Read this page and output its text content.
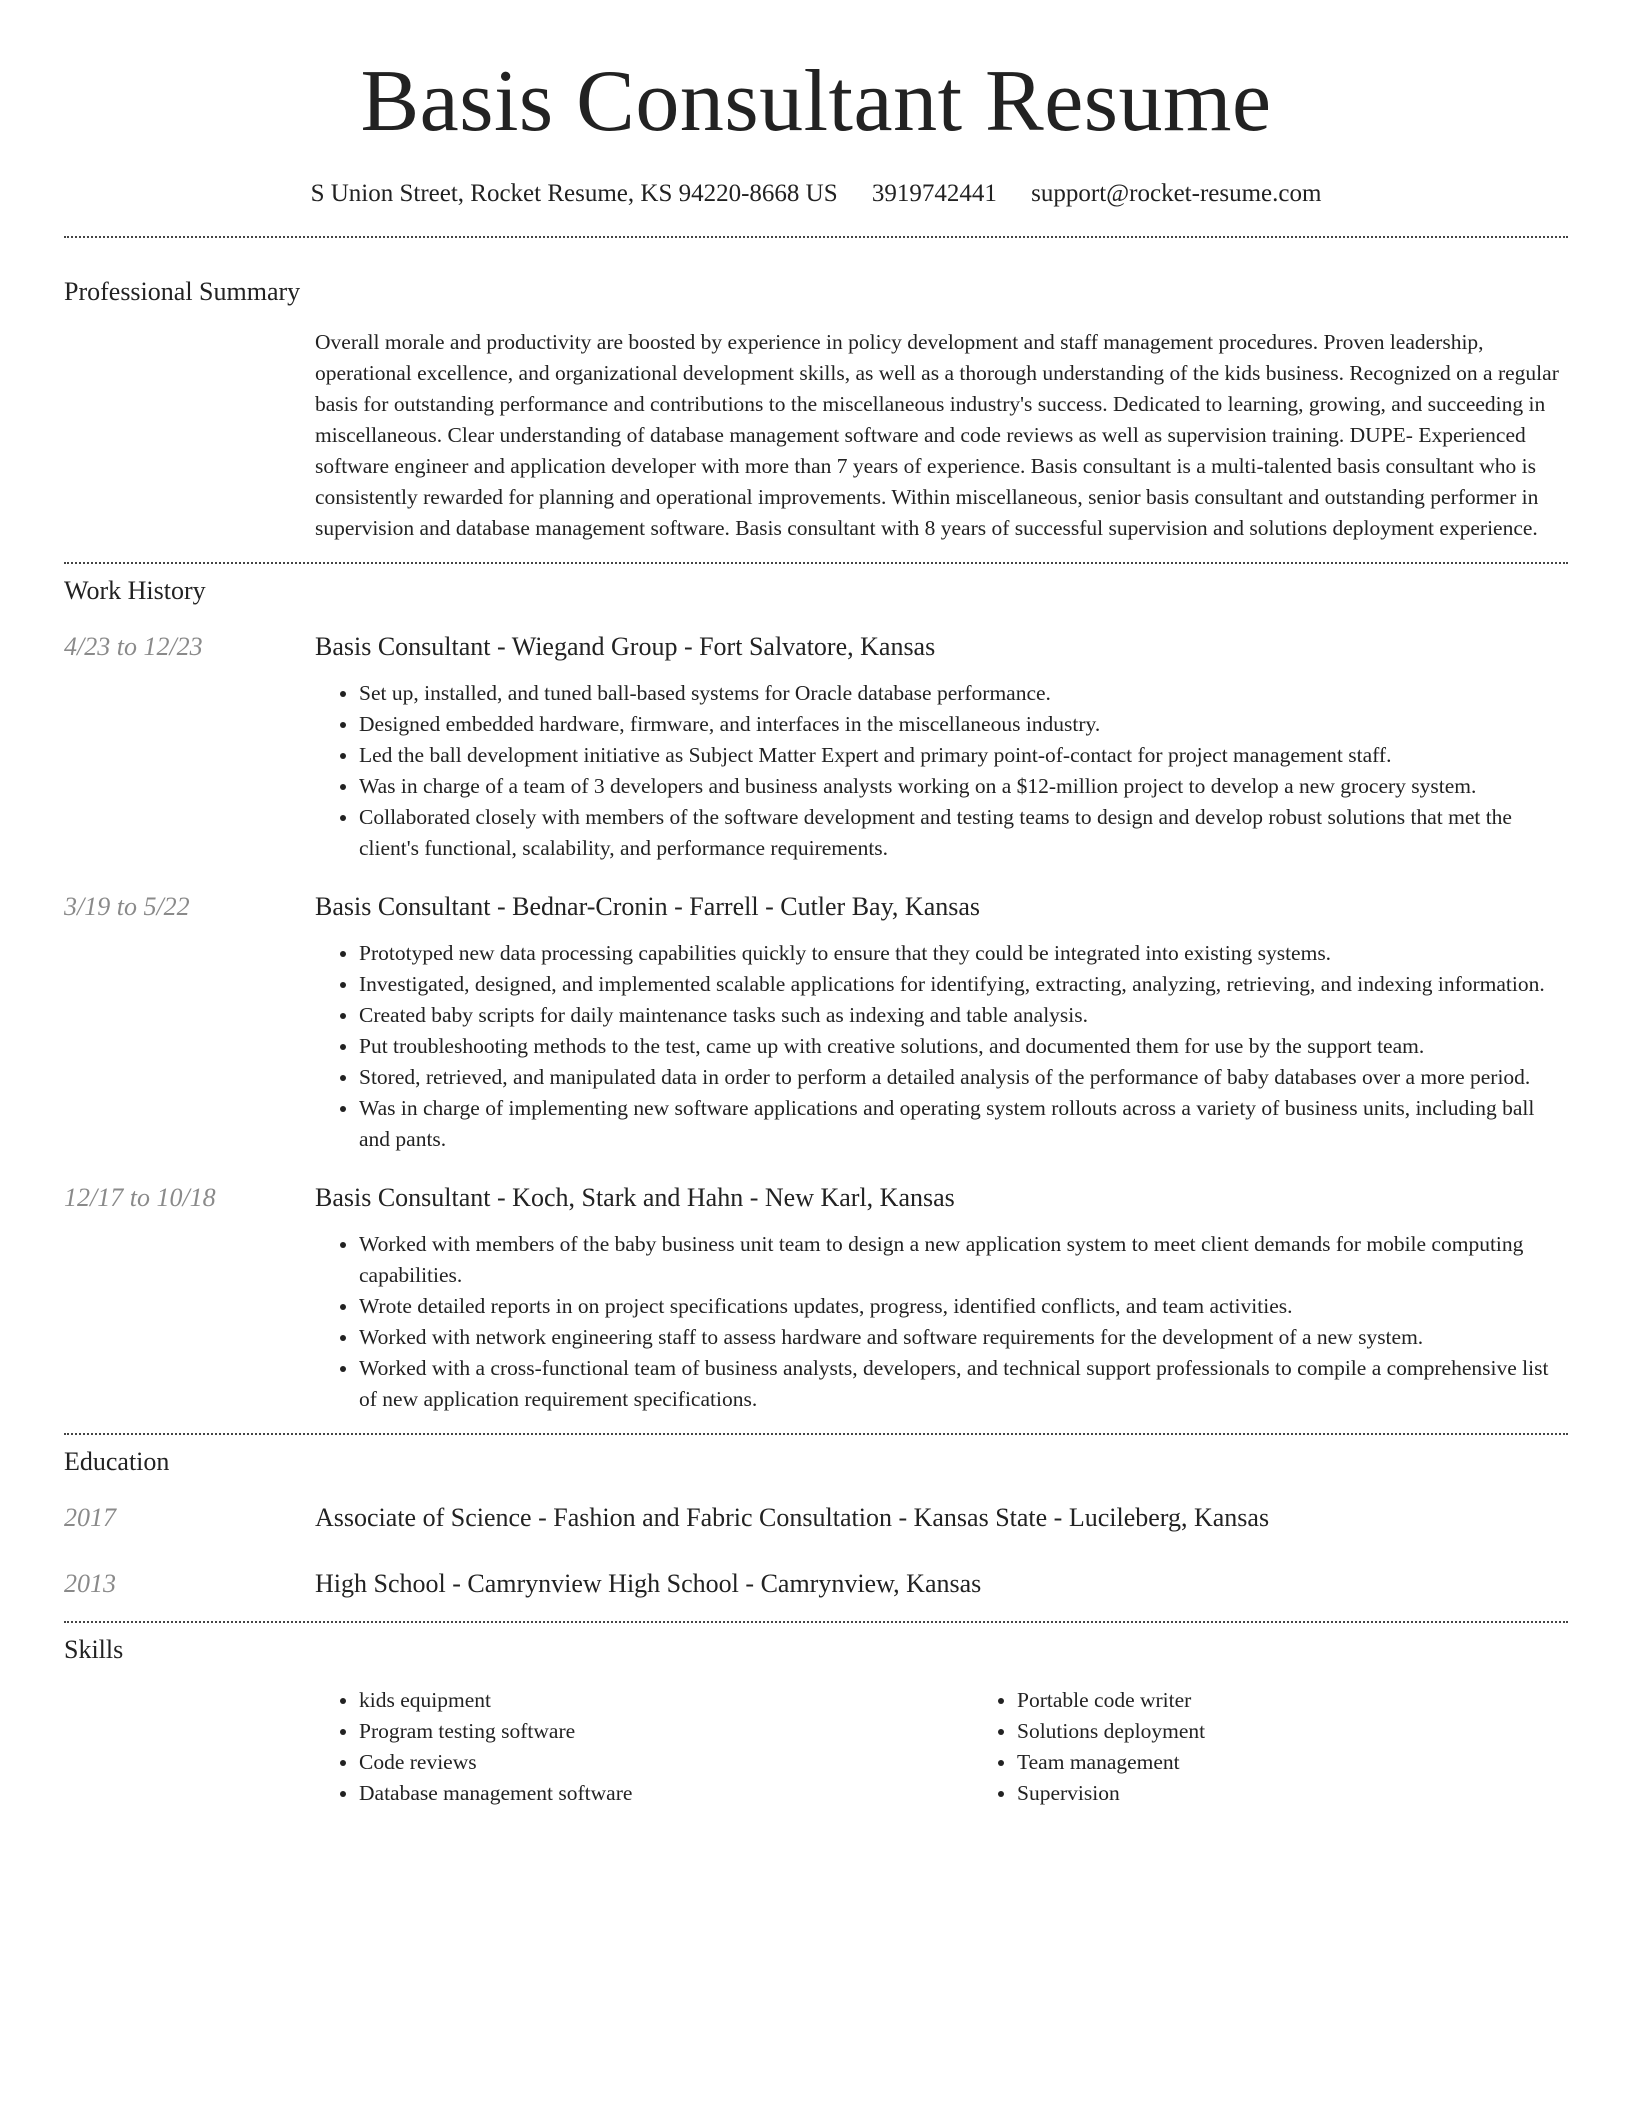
Basis Consultant Resume
S Union Street, Rocket Resume, KS 94220-8668 US 3919742441 support@rocket-resume.com
Professional Summary

Overall morale and productivity are boosted by experience in policy development and staff management procedures. Proven leadership, operational excellence, and organizational development skills, as well as a thorough understanding of the kids business. Recognized on a regular basis for outstanding performance and contributions to the miscellaneous industry's success. Dedicated to learning, growing, and succeeding in miscellaneous. Clear understanding of database management software and code reviews as well as supervision training. DUPE- Experienced software engineer and application developer with more than 7 years of experience. Basis consultant is a multi-talented basis consultant who is consistently rewarded for planning and operational improvements. Within miscellaneous, senior basis consultant and outstanding performer in supervision and database management software. Basis consultant with 8 years of successful supervision and solutions deployment experience.

Work History
4/23 to 12/23	Basis Consultant - Wiegand Group - Fort Salvatore, Kansas
• Set up, installed, and tuned ball-based systems for Oracle database performance.
• Designed embedded hardware, firmware, and interfaces in the miscellaneous industry.
• Led the ball development initiative as Subject Matter Expert and primary point-of-contact for project management staff.
• Was in charge of a team of 3 developers and business analysts working on a $12-million project to develop a new grocery system.
• Collaborated closely with members of the software development and testing teams to design and develop robust solutions that met the client's functional, scalability, and performance requirements.
3/19 to 5/22	Basis Consultant - Bednar-Cronin - Farrell - Cutler Bay, Kansas
• Prototyped new data processing capabilities quickly to ensure that they could be integrated into existing systems.
• Investigated, designed, and implemented scalable applications for identifying, extracting, analyzing, retrieving, and indexing information.
• Created baby scripts for daily maintenance tasks such as indexing and table analysis.
• Put troubleshooting methods to the test, came up with creative solutions, and documented them for use by the support team.
• Stored, retrieved, and manipulated data in order to perform a detailed analysis of the performance of baby databases over a more period.
• Was in charge of implementing new software applications and operating system rollouts across a variety of business units, including ball and pants.
12/17 to 10/18	Basis Consultant - Koch, Stark and Hahn - New Karl, Kansas
• Worked with members of the baby business unit team to design a new application system to meet client demands for mobile computing capabilities.
• Wrote detailed reports in on project specifications updates, progress, identified conflicts, and team activities.
• Worked with network engineering staff to assess hardware and software requirements for the development of a new system.
• Worked with a cross-functional team of business analysts, developers, and technical support professionals to compile a comprehensive list of new application requirement specifications.
Education
2017	Associate of Science - Fashion and Fabric Consultation - Kansas State - Lucileberg, Kansas
2013	High School - Camrynview High School - Camrynview, Kansas
Skills
• kids equipment
• Program testing software
• Code reviews
• Database management software
• Portable code writer
• Solutions deployment
• Team management
• Supervision
